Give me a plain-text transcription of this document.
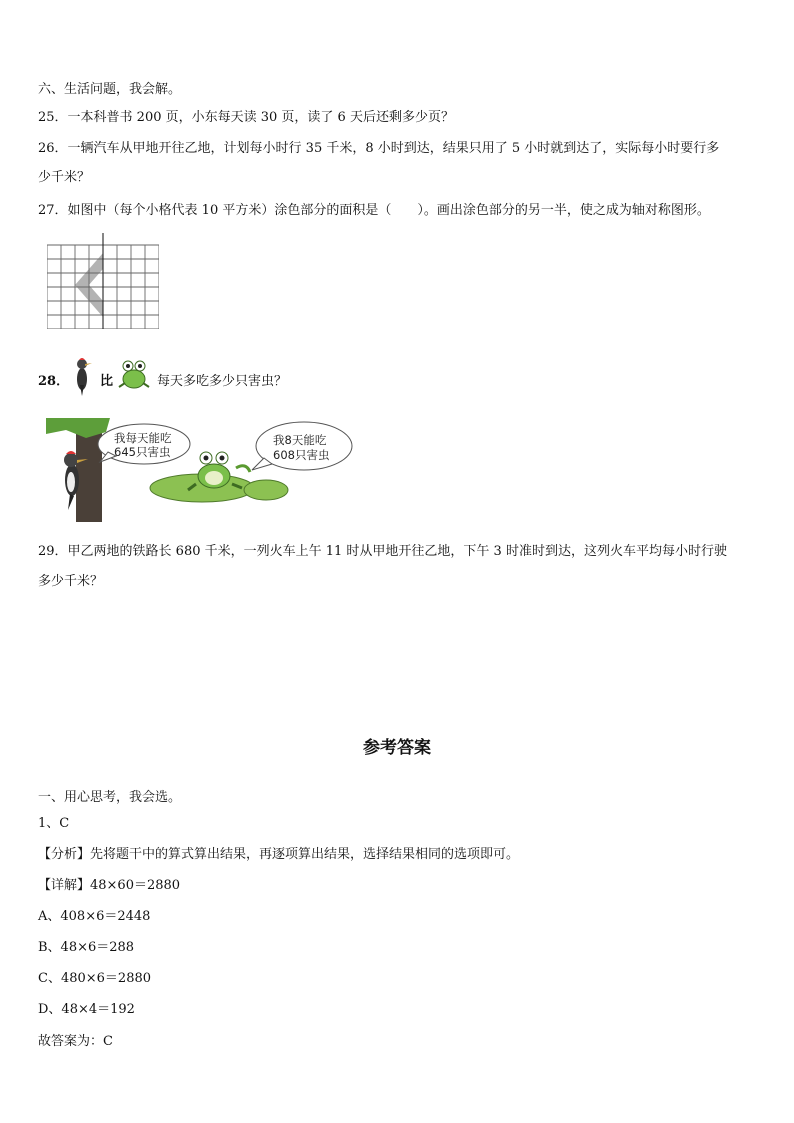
六、生活问题，我会解。
25．一本科普书 200 页，小东每天读 30 页，读了 6 天后还剩多少页？
26．一辆汽车从甲地开往乙地，计划每小时行 35 千米，8 小时到达，结果只用了 5 小时就到达了，实际每小时要行多
少千米？
27．如图中（每个小格代表 10 平方米）涂色部分的面积是（　　）。画出涂色部分的另一半，使之成为轴对称图形。
28． 比	每天多吃多少只害虫？
我每天能吃
645只害虫
我8天能吃
608只害虫
29．甲乙两地的铁路长 680 千米，一列火车上午 11 时从甲地开往乙地，下午 3 时准时到达，这列火车平均每小时行驶
多少千米？
参考答案
一、用心思考，我会选。
1、C
【分析】先将题干中的算式算出结果，再逐项算出结果，选择结果相同的选项即可。
【详解】48×60＝2880
A、408×6＝2448
B、48×6＝288
C、480×6＝2880
D、48×4＝192
故答案为：C
